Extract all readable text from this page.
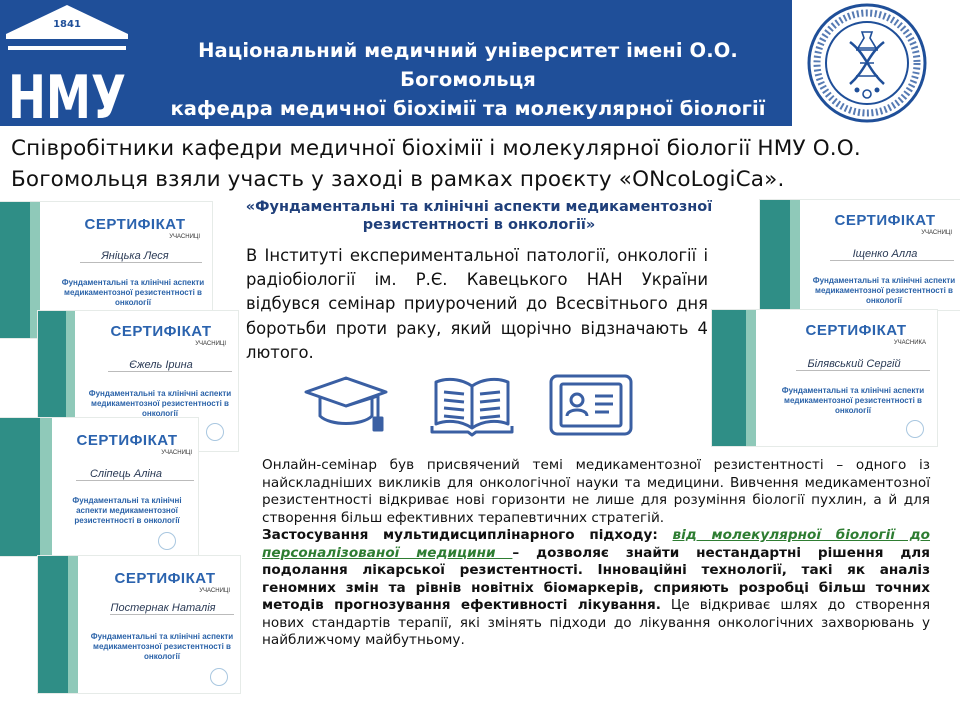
1841
НМУ
Національний медичний університет імені О.О. Богомольця
кафедра медичної біохімії та молекулярної біології
Співробітники кафедри медичної біохімії і молекулярної біології НМУ О.О. Богомольця взяли участь у заході в рамках проєкту «ONcoLogiCa».
«Фундаментальні та клінічні аспекти медикаментозної резистентності в онкології»
В Інституті експериментальної патології, онкології і радіобіології ім. Р.Є. Кавецького НАН України відбувся семінар приурочений до Всесвітнього дня боротьби проти раку, який щорічно відзначають 4 лютого.
СЕРТИФІКАТ
УЧАСНИЦІ
Яніцька Леся
Фундаментальні та клінічні аспекти медикаментозної резистентності в онкології
СЕРТИФІКАТ
УЧАСНИЦІ
Єжель Ірина
Фундаментальні та клінічні аспекти медикаментозної резистентності в онкології
СЕРТИФІКАТ
УЧАСНИЦІ
Сліпець Аліна
Фундаментальні та клінічні аспекти медикаментозної резистентності в онкології
СЕРТИФІКАТ
УЧАСНИЦІ
Постернак Наталія
Фундаментальні та клінічні аспекти медикаментозної резистентності в онкології
СЕРТИФІКАТ
УЧАСНИЦІ
Іщенко Алла
Фундаментальні та клінічні аспекти медикаментозної резистентності в онкології
СЕРТИФІКАТ
УЧАСНИКА
Білявський Сергій
Фундаментальні та клінічні аспекти медикаментозної резистентності в онкології

Онлайн-семінар був присвячений темі медикаментозної резистентності – одного із найскладніших викликів для онкологічної науки та медицини. Вивчення медикаментозної резистентності відкриває нові горизонти не лише для розуміння біології пухлин, а й для створення більш ефективних терапевтичних стратегій.

Застосування мультидисциплінарного підходу: від молекулярної біології до персоналізованої медицини – дозволяє знайти нестандартні рішення для подолання лікарської резистентності. Інноваційні технології, такі як аналіз геномних змін та рівнів новітніх біомаркерів, сприяють розробці більш точних методів прогнозування ефективності лікування. Це відкриває шлях до створення нових стандартів терапії, які змінять підходи до лікування онкологічних захворювань у найближчому майбутньому.
